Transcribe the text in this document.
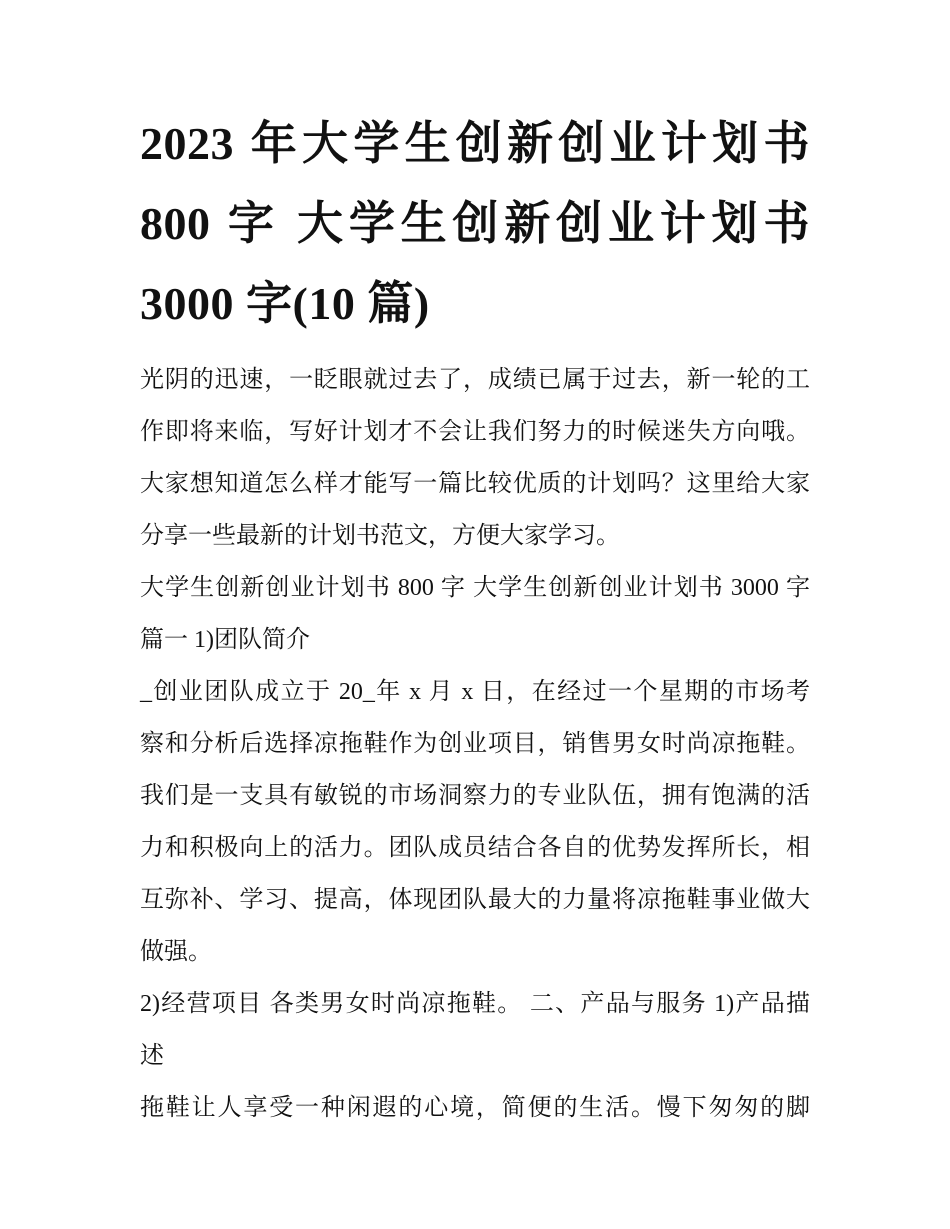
2023 年大学生创新创业计划书
800 字 大学生创新创业计划书
3000 字(10 篇)
光阴的迅速，一眨眼就过去了，成绩已属于过去，新一轮的工
作即将来临，写好计划才不会让我们努力的时候迷失方向哦。
大家想知道怎么样才能写一篇比较优质的计划吗？这里给大家
分享一些最新的计划书范文，方便大家学习。
大学生创新创业计划书 800 字 大学生创新创业计划书 3000 字
篇一 1)团队简介
_创业团队成立于 20_年 x 月 x 日，在经过一个星期的市场考
察和分析后选择凉拖鞋作为创业项目，销售男女时尚凉拖鞋。
我们是一支具有敏锐的市场洞察力的专业队伍，拥有饱满的活
力和积极向上的活力。团队成员结合各自的优势发挥所长，相
互弥补、学习、提高，体现团队最大的力量将凉拖鞋事业做大
做强。
2)经营项目 各类男女时尚凉拖鞋。 二、产品与服务 1)产品描
述
拖鞋让人享受一种闲遐的心境，简便的生活。慢下匆匆的脚
